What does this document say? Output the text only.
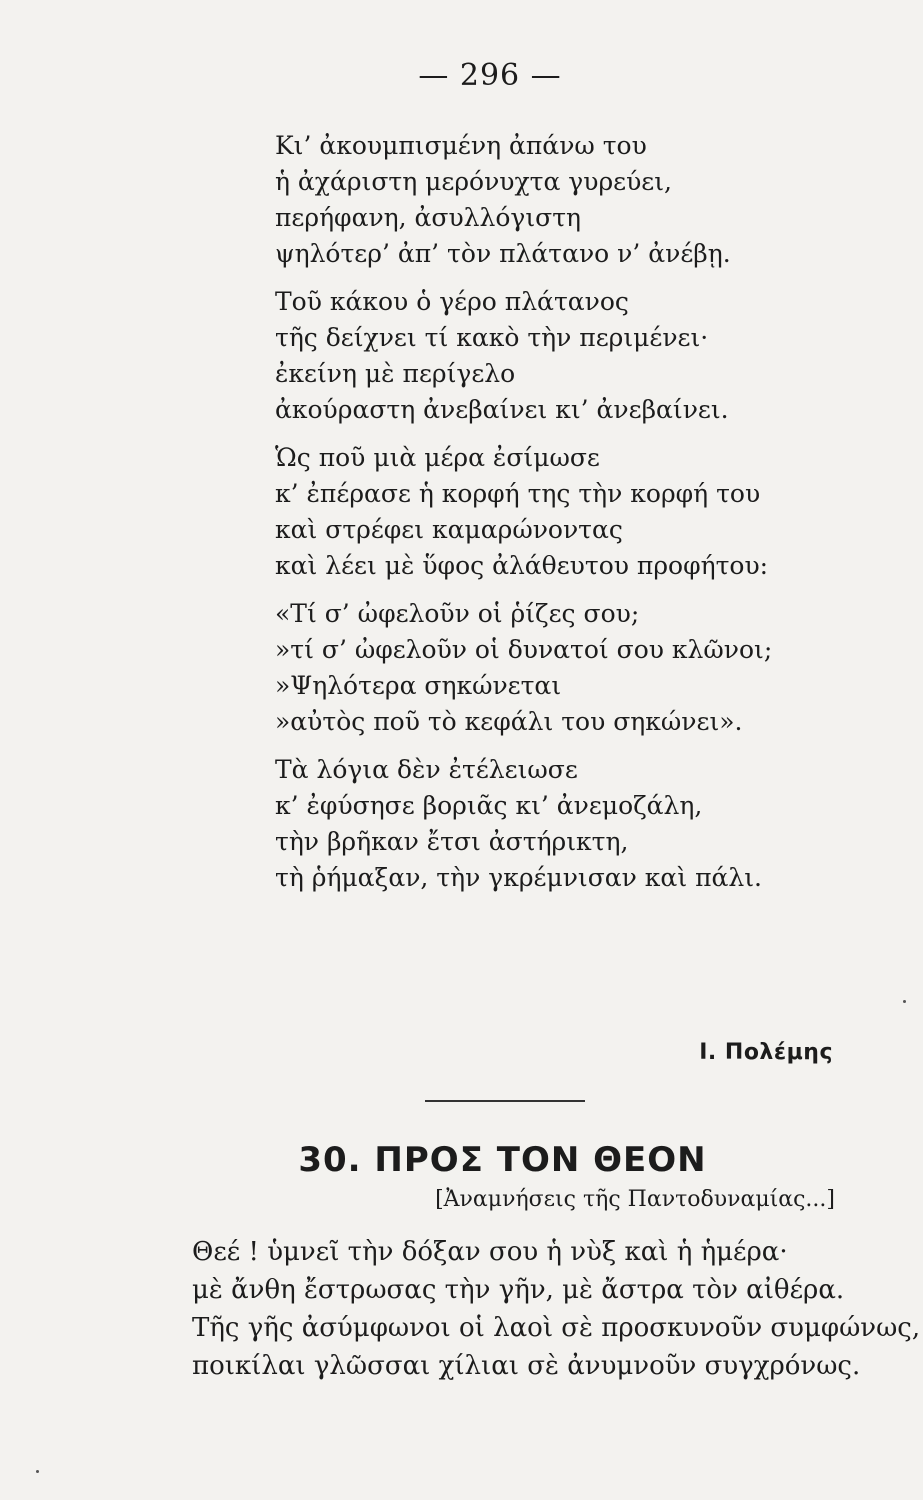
— 296 —
Κι’ ἀκουμπισμένη ἀπάνω του
ἡ ἀχάριστη μερόνυχτα γυρεύει,
περήφανη, ἀσυλλόγιστη
ψηλότερ’ ἀπ’ τὸν πλάτανο ν’ ἀνέβῃ.
Τοῦ κάκου ὁ γέρο πλάτανος
τῆς δείχνει τί κακὸ τὴν περιμένει·
ἐκείνη μὲ περίγελο
ἀκούραστη ἀνεβαίνει κι’ ἀνεβαίνει.
Ὡς ποῦ μιὰ μέρα ἐσίμωσε
κ’ ἐπέρασε ἡ κορφή της τὴν κορφή του
καὶ στρέφει καμαρώνοντας
καὶ λέει μὲ ὕφος ἀλάθευτου προφήτου:
«Τί σ’ ὠφελοῦν οἱ ῥίζες σου;
»τί σ’ ὠφελοῦν οἱ δυνατοί σου κλῶνοι;
»Ψηλότερα σηκώνεται
»αὐτὸς ποῦ τὸ κεφάλι του σηκώνει».
Τὰ λόγια δὲν ἐτέλειωσε
κ’ ἐφύσησε βοριᾶς κι’ ἀνεμοζάλη,
τὴν βρῆκαν ἔτσι ἀστήρικτη,
τὴ ῥήμαξαν, τὴν γκρέμνισαν καὶ πάλι.
Ι. Πολέμης
30. ΠΡΟΣ ΤΟΝ ΘΕΟΝ
[Ἀναμνήσεις τῆς Παντοδυναμίας...]
Θεέ ! ὑμνεῖ τὴν δόξαν σου ἡ νὺξ καὶ ἡ ἡμέρα·
μὲ ἄνθη ἔστρωσας τὴν γῆν, μὲ ἄστρα τὸν αἰθέρα.
Τῆς γῆς ἀσύμφωνοι οἱ λαοὶ σὲ προσκυνοῦν συμφώνως,
ποικίλαι γλῶσσαι χίλιαι σὲ ἀνυμνοῦν συγχρόνως.
